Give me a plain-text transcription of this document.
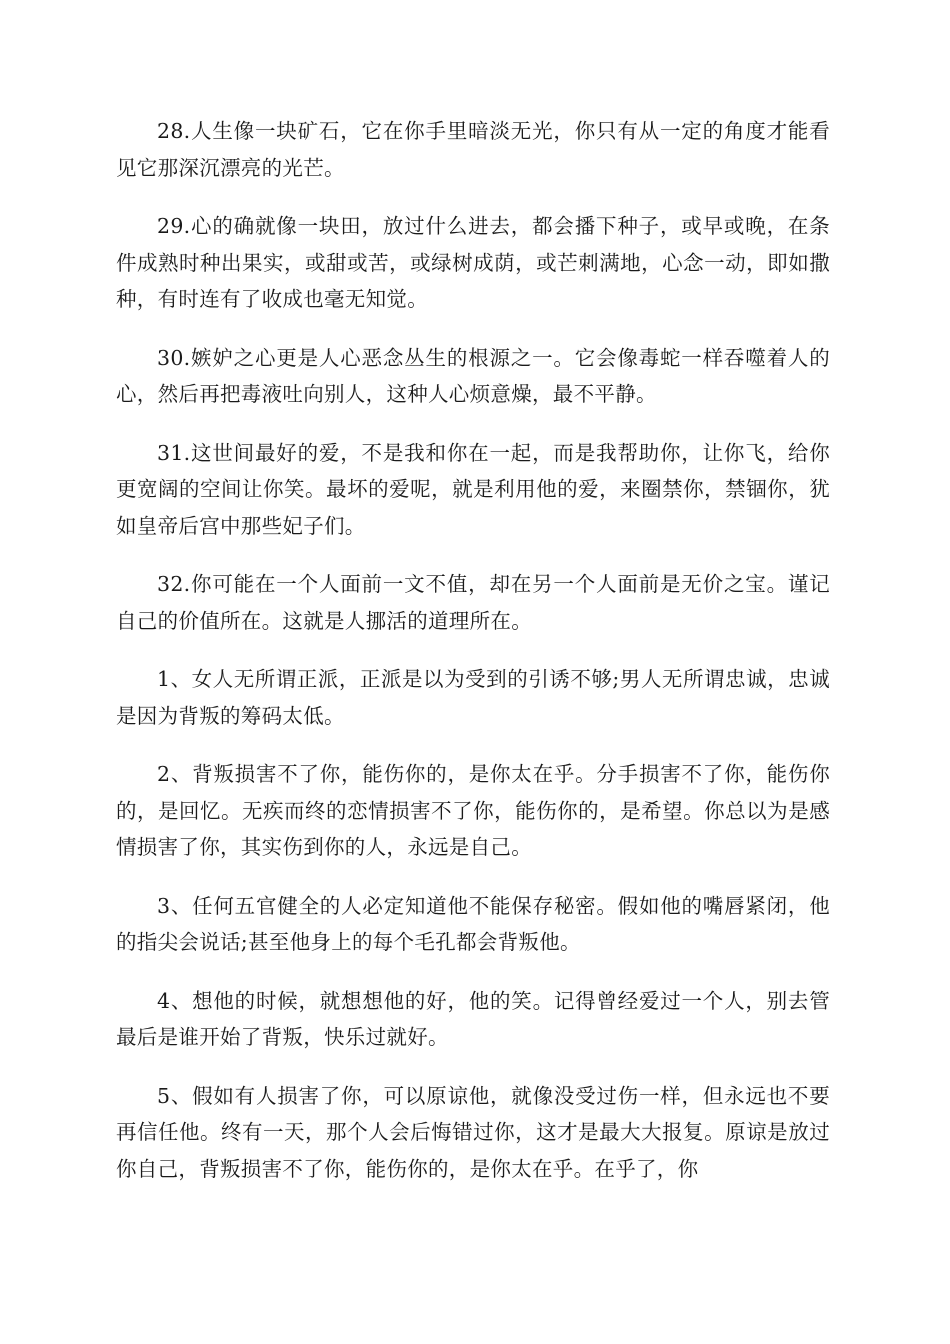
28.人生像一块矿石，它在你手里暗淡无光，你只有从一定的角度才能看见它那深沉漂亮的光芒。

29.心的确就像一块田，放过什么进去，都会播下种子，或早或晚，在条件成熟时种出果实，或甜或苦，或绿树成荫，或芒刺满地，心念一动，即如撒种，有时连有了收成也毫无知觉。

30.嫉妒之心更是人心恶念丛生的根源之一。它会像毒蛇一样吞噬着人的心，然后再把毒液吐向别人，这种人心烦意燥，最不平静。

31.这世间最好的爱，不是我和你在一起，而是我帮助你，让你飞，给你更宽阔的空间让你笑。最坏的爱呢，就是利用他的爱，来圈禁你，禁锢你，犹如皇帝后宫中那些妃子们。

32.你可能在一个人面前一文不值，却在另一个人面前是无价之宝。谨记自己的价值所在。这就是人挪活的道理所在。

1、女人无所谓正派，正派是以为受到的引诱不够;男人无所谓忠诚，忠诚是因为背叛的筹码太低。

2、背叛损害不了你，能伤你的，是你太在乎。分手损害不了你，能伤你的，是回忆。无疾而终的恋情损害不了你，能伤你的，是希望。你总以为是感情损害了你，其实伤到你的人，永远是自己。

3、任何五官健全的人必定知道他不能保存秘密。假如他的嘴唇紧闭，他的指尖会说话;甚至他身上的每个毛孔都会背叛他。

4、想他的时候，就想想他的好，他的笑。记得曾经爱过一个人，别去管最后是谁开始了背叛，快乐过就好。

5、假如有人损害了你，可以原谅他，就像没受过伤一样，但永远也不要再信任他。终有一天，那个人会后悔错过你，这才是最大大报复。原谅是放过你自己，背叛损害不了你，能伤你的，是你太在乎。在乎了，你
